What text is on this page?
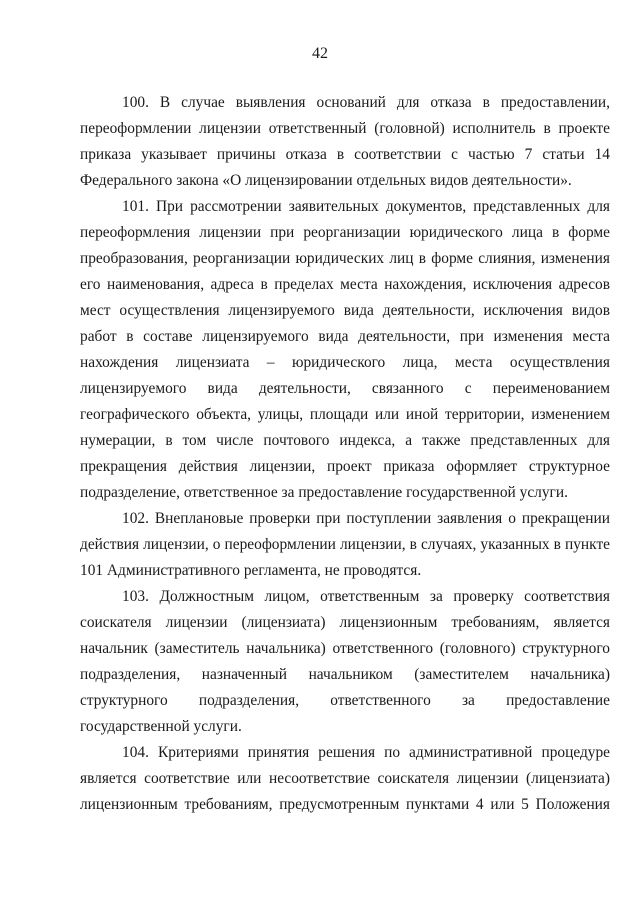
42

100. В случае выявления оснований для отказа в предоставлении, переоформлении лицензии ответственный (головной) исполнитель в проекте приказа указывает причины отказа в соответствии с частью 7 статьи 14 Федерального закона «О лицензировании отдельных видов деятельности».

101. При рассмотрении заявительных документов, представленных для переоформления лицензии при реорганизации юридического лица в форме преобразования, реорганизации юридических лиц в форме слияния, изменения его наименования, адреса в пределах места нахождения, исключения адресов мест осуществления лицензируемого вида деятельности, исключения видов работ в составе лицензируемого вида деятельности, при изменения места нахождения лицензиата – юридического лица, места осуществления лицензируемого вида деятельности, связанного с переименованием географического объекта, улицы, площади или иной территории, изменением нумерации, в том числе почтового индекса, а также представленных для прекращения действия лицензии, проект приказа оформляет структурное подразделение, ответственное за предоставление государственной услуги.

102. Внеплановые проверки при поступлении заявления о прекращении действия лицензии, о переоформлении лицензии, в случаях, указанных в пункте 101 Административного регламента, не проводятся.

103. Должностным лицом, ответственным за проверку соответствия соискателя лицензии (лицензиата) лицензионным требованиям, является начальник (заместитель начальника) ответственного (головного) структурного подразделения, назначенный начальником (заместителем начальника) структурного подразделения, ответственного за предоставление государственной услуги.

104. Критериями принятия решения по административной процедуре является соответствие или несоответствие соискателя лицензии (лицензиата) лицензионным требованиям, предусмотренным пунктами 4 или 5 Положения
